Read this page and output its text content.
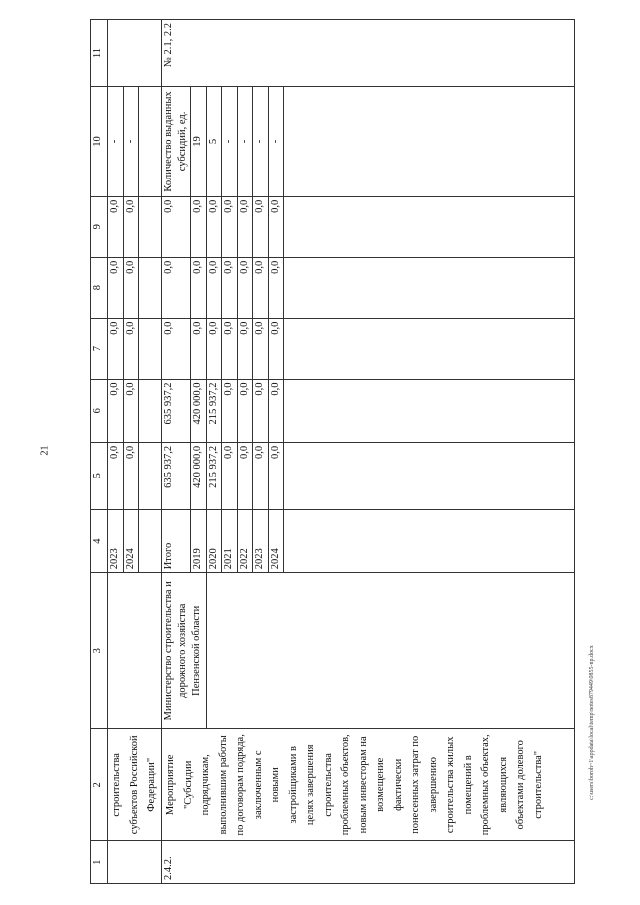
21
c:\users\boroh~1\appdata\local\temp\notes879449\0855-np.docx
1	2	3	4	5	6	7	8	9	10	11
	строительства субъектов Российской Федерации"		2023	0,0	0,0	0,0	0,0	0,0	-	
			2024	0,0	0,0	0,0	0,0	0,0	-	

2.4.2.	Мероприятие "Субсидии подрядчикам, выполнившим работы по договорам подряда, заключенным с новыми застройщиками в целях завершения строительства проблемных объектов, новым инвесторам на возмещение фактически понесенных затрат по завершению строительства жилых помещений в проблемных объектах, являющихся объектами долевого строительства"	Министерство строительства и дорожного хозяйства Пензенской области	Итого	635 937,2	635 937,2	0,0	0,0	0,0	Количество выданных субсидий, ед.	№ 2.1, 2.2
			2019	420 000,0	420 000,0	0,0	0,0	0,0	19	
			2020	215 937,2	215 937,2	0,0	0,0	0,0	5	
			2021	0,0	0,0	0,0	0,0	0,0	-	
			2022	0,0	0,0	0,0	0,0	0,0	-	
			2023	0,0	0,0	0,0	0,0	0,0	-	
			2024	0,0	0,0	0,0	0,0	0,0	-	
